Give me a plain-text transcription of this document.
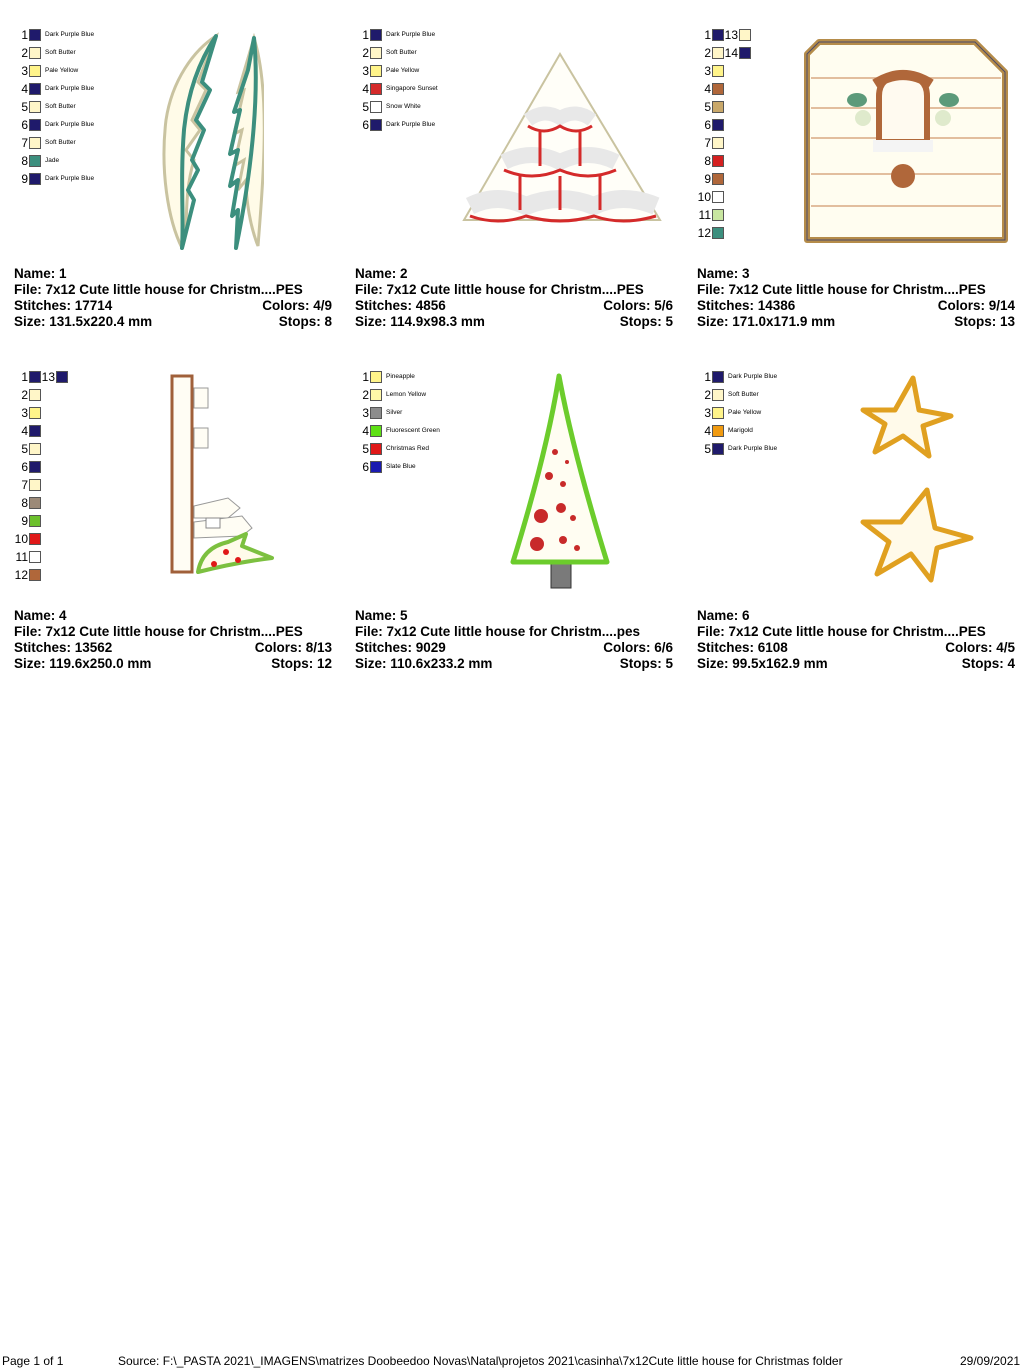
1	Dark Purple Blue
2	Soft Butter
3	Pale Yellow
4	Dark Purple Blue
5	Soft Butter
6	Dark Purple Blue
7	Soft Butter
8	Jade
9	Dark Purple Blue
Name: 1
File: 7x12 Cute little house for Christm....PES
Stitches: 17714	Colors: 4/9
Size: 131.5x220.4 mm	Stops: 8
1	Dark Purple Blue
2	Soft Butter
3	Pale Yellow
4	Singapore Sunset
5	Snow White
6	Dark Purple Blue
Name: 2
File: 7x12 Cute little house for Christm....PES
Stitches: 4856	Colors: 5/6
Size: 114.9x98.3 mm	Stops: 5
1 13
2 14
3
4
5
6
7
8
9
10
11
12
Name: 3
File: 7x12 Cute little house for Christm....PES
Stitches: 14386	Colors: 9/14
Size: 171.0x171.9 mm	Stops: 13
1 13
2
3
4
5
6
7
8
9
10
11
12
Name: 4
File: 7x12 Cute little house for Christm....PES
Stitches: 13562	Colors: 8/13
Size: 119.6x250.0 mm	Stops: 12
1	Pineapple
2	Lemon Yellow
3	Silver
4	Fluorescent Green
5	Christmas Red
6	Slate Blue
Name: 5
File: 7x12 Cute little house for Christm....pes
Stitches: 9029	Colors: 6/6
Size: 110.6x233.2 mm	Stops: 5
1	Dark Purple Blue
2	Soft Butter
3	Pale Yellow
4	Marigold
5	Dark Purple Blue
Name: 6
File: 7x12 Cute little house for Christm....PES
Stitches: 6108	Colors: 4/5
Size: 99.5x162.9 mm	Stops: 4
Page 1 of 1	Source: F:\_PASTA 2021\_IMAGENS\matrizes Doobeedoo Novas\Natal\projetos 2021\casinha\7x12Cute little house for Christmas folder	29/09/2021
